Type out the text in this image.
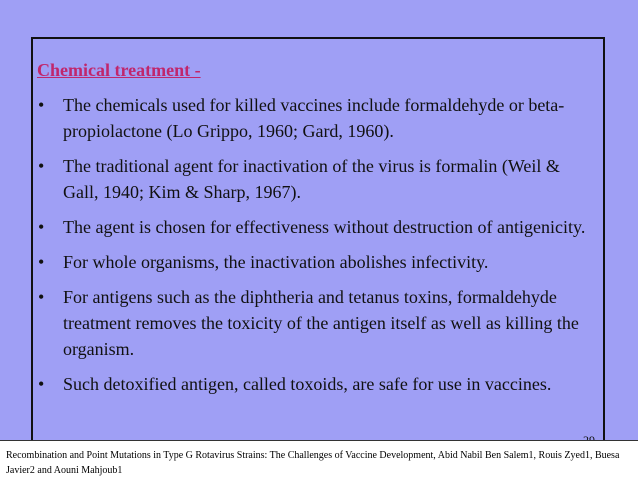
Chemical treatment -
• The chemicals used for killed vaccines include formaldehyde or beta-propiolactone (Lo Grippo, 1960; Gard, 1960).
• The traditional agent for inactivation of the virus is formalin (Weil & Gall, 1940; Kim & Sharp, 1967).
• The agent is chosen for effectiveness without destruction of antigenicity.
• For whole organisms, the inactivation abolishes infectivity.
• For antigens such as the diphtheria and tetanus toxins, formaldehyde treatment removes the toxicity of the antigen itself as well as killing the organism.
• Such detoxified antigen, called toxoids, are safe for use in vaccines.
Recombination and Point Mutations in Type G Rotavirus Strains: The Challenges of Vaccine Development, Abid Nabil Ben Salem1, Rouis Zyed1, Buesa Javier2 and Aouni Mahjoub1
